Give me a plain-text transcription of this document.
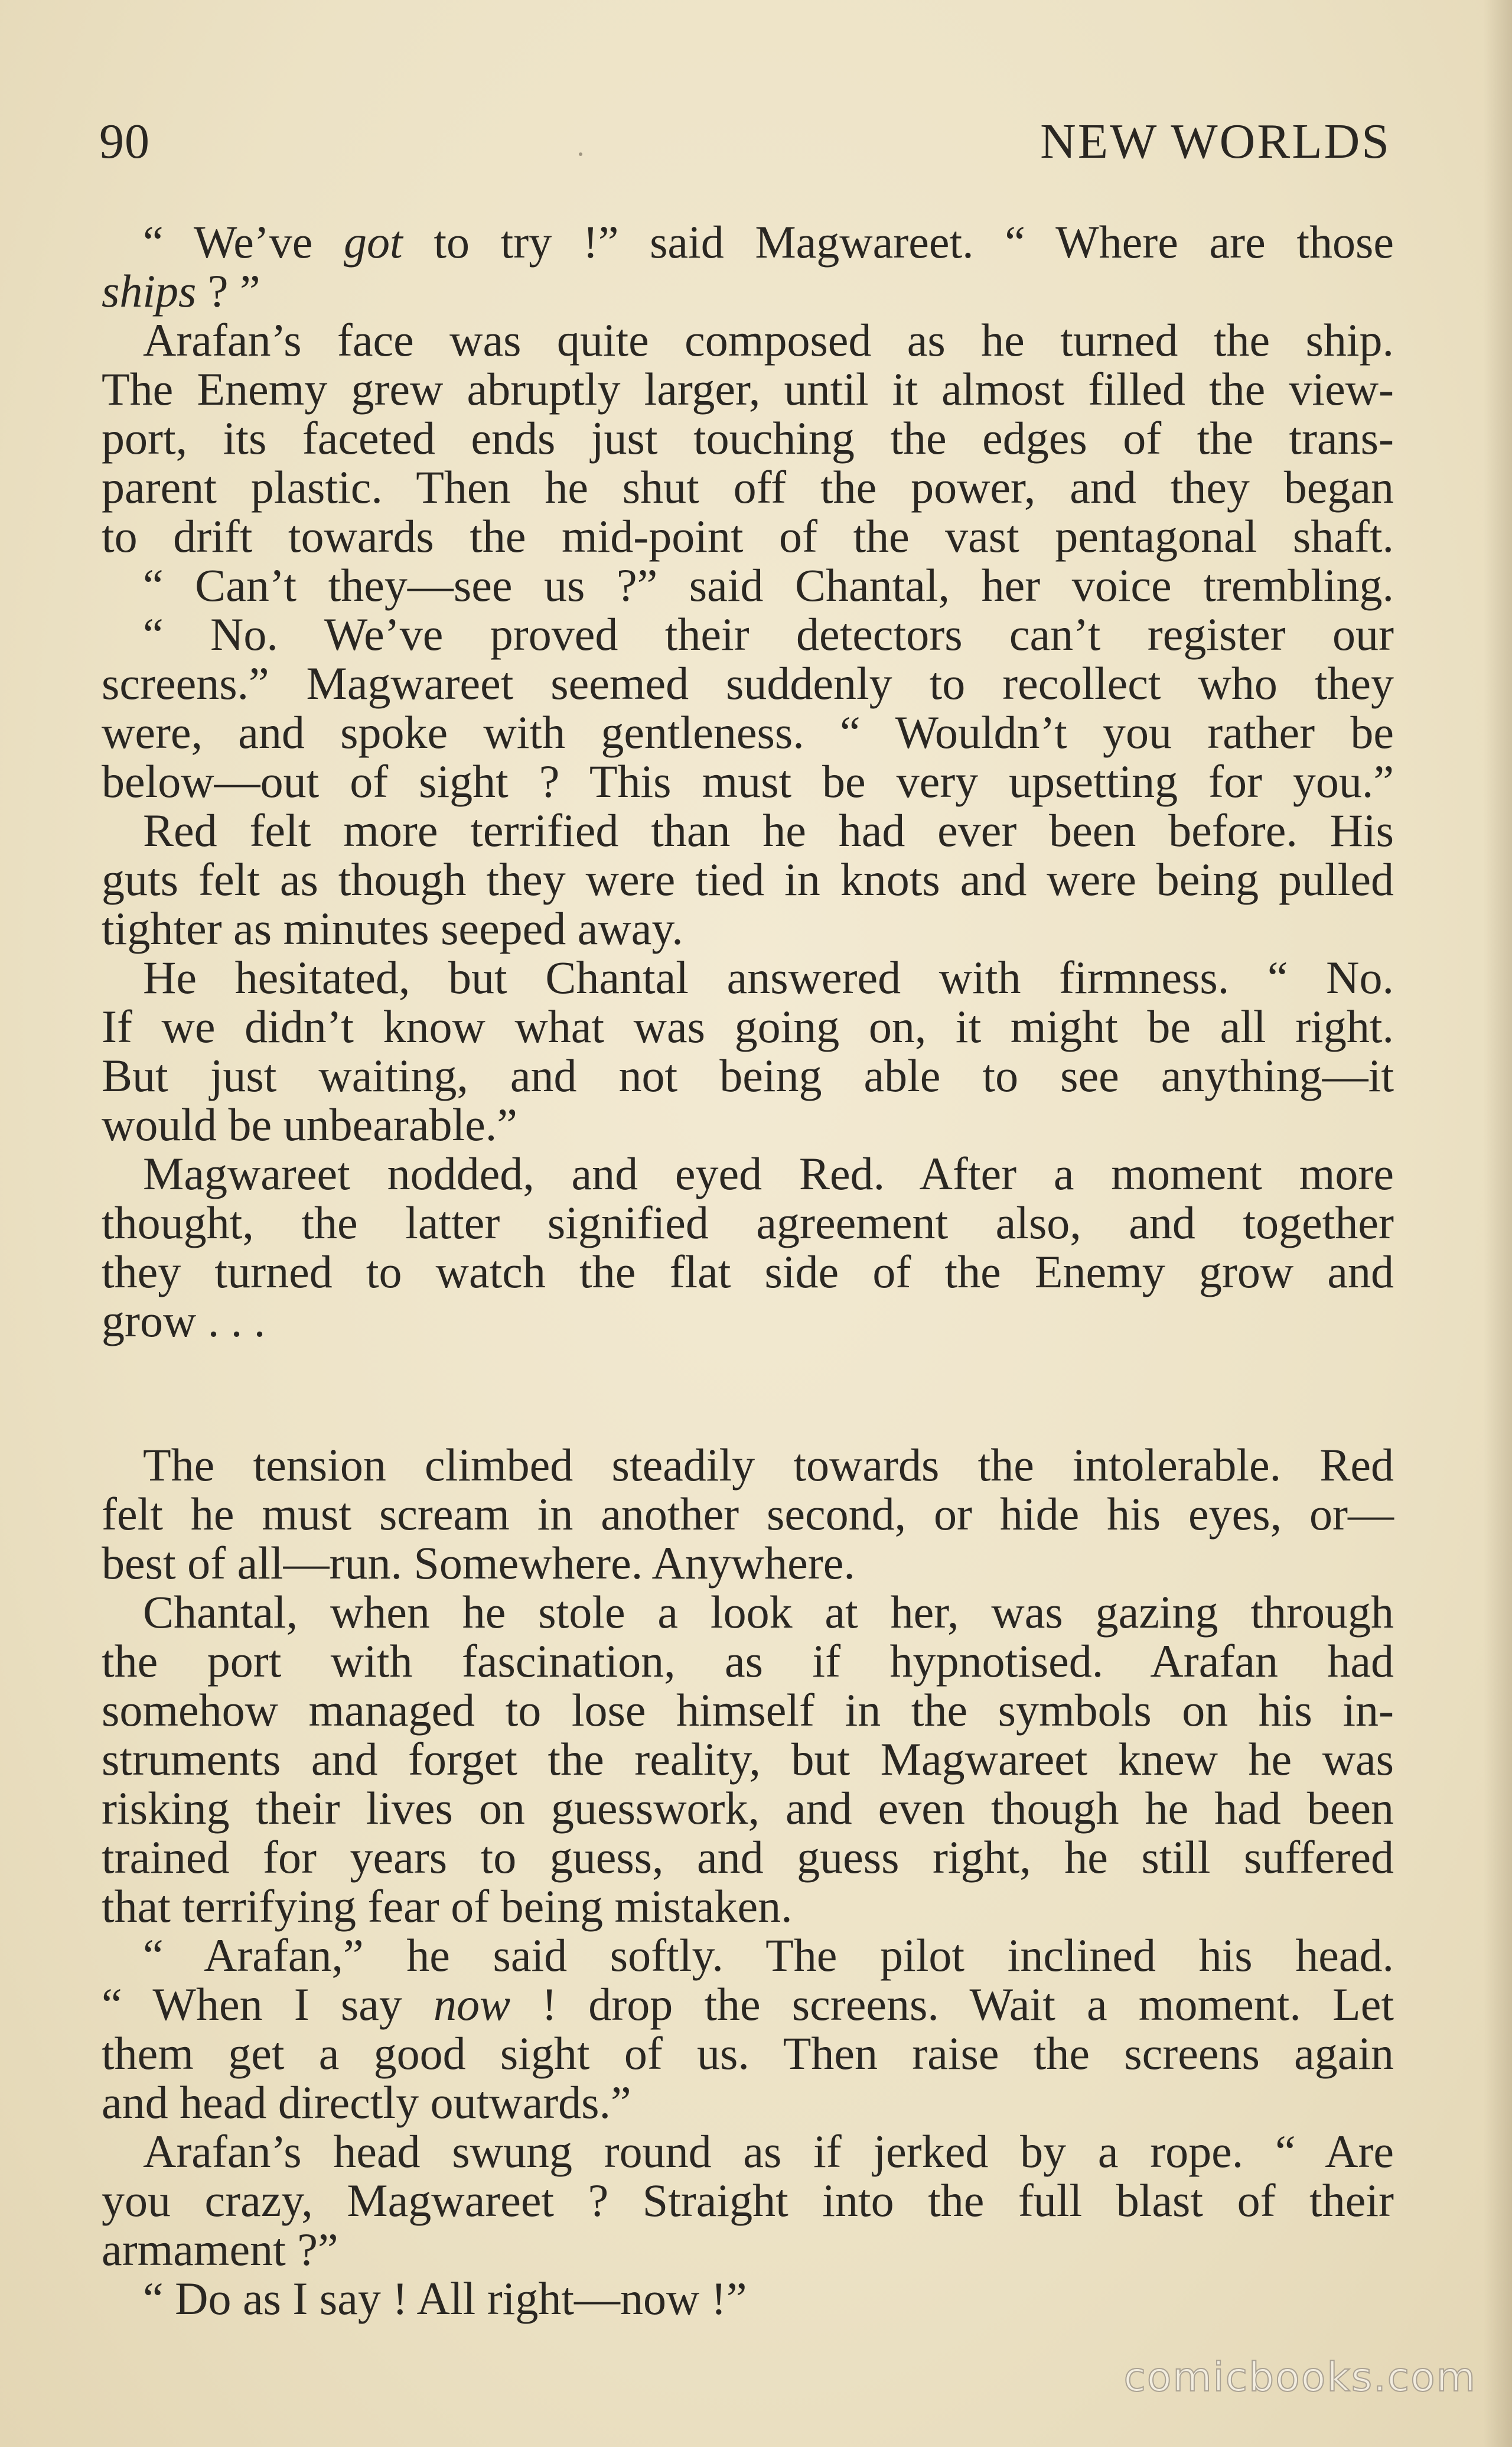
90	NEW WORLDS
“ We’ve got to try !” said Magwareet. “ Where are those
ships ? ”
Arafan’s face was quite composed as he turned the ship.
The Enemy grew abruptly larger, until it almost filled the view-
port, its faceted ends just touching the edges of the trans-
parent plastic. Then he shut off the power, and they began
to drift towards the mid-point of the vast pentagonal shaft.
“ Can’t they—see us ?” said Chantal, her voice trembling.
“ No. We’ve proved their detectors can’t register our
screens.” Magwareet seemed suddenly to recollect who they
were, and spoke with gentleness. “ Wouldn’t you rather be
below—out of sight ? This must be very upsetting for you.”
Red felt more terrified than he had ever been before. His
guts felt as though they were tied in knots and were being pulled
tighter as minutes seeped away.
He hesitated, but Chantal answered with firmness. “ No.
If we didn’t know what was going on, it might be all right.
But just waiting, and not being able to see anything—it
would be unbearable.”
Magwareet nodded, and eyed Red. After a moment more
thought, the latter signified agreement also, and together
they turned to watch the flat side of the Enemy grow and
grow . . .
The tension climbed steadily towards the intolerable. Red
felt he must scream in another second, or hide his eyes, or—
best of all—run. Somewhere. Anywhere.
Chantal, when he stole a look at her, was gazing through
the port with fascination, as if hypnotised. Arafan had
somehow managed to lose himself in the symbols on his in-
struments and forget the reality, but Magwareet knew he was
risking their lives on guesswork, and even though he had been
trained for years to guess, and guess right, he still suffered
that terrifying fear of being mistaken.
“ Arafan,” he said softly. The pilot inclined his head.
“ When I say now ! drop the screens. Wait a moment. Let
them get a good sight of us. Then raise the screens again
and head directly outwards.”
Arafan’s head swung round as if jerked by a rope. “ Are
you crazy, Magwareet ? Straight into the full blast of their
armament ?”
“ Do as I say ! All right—now !”
comicbooks.com
